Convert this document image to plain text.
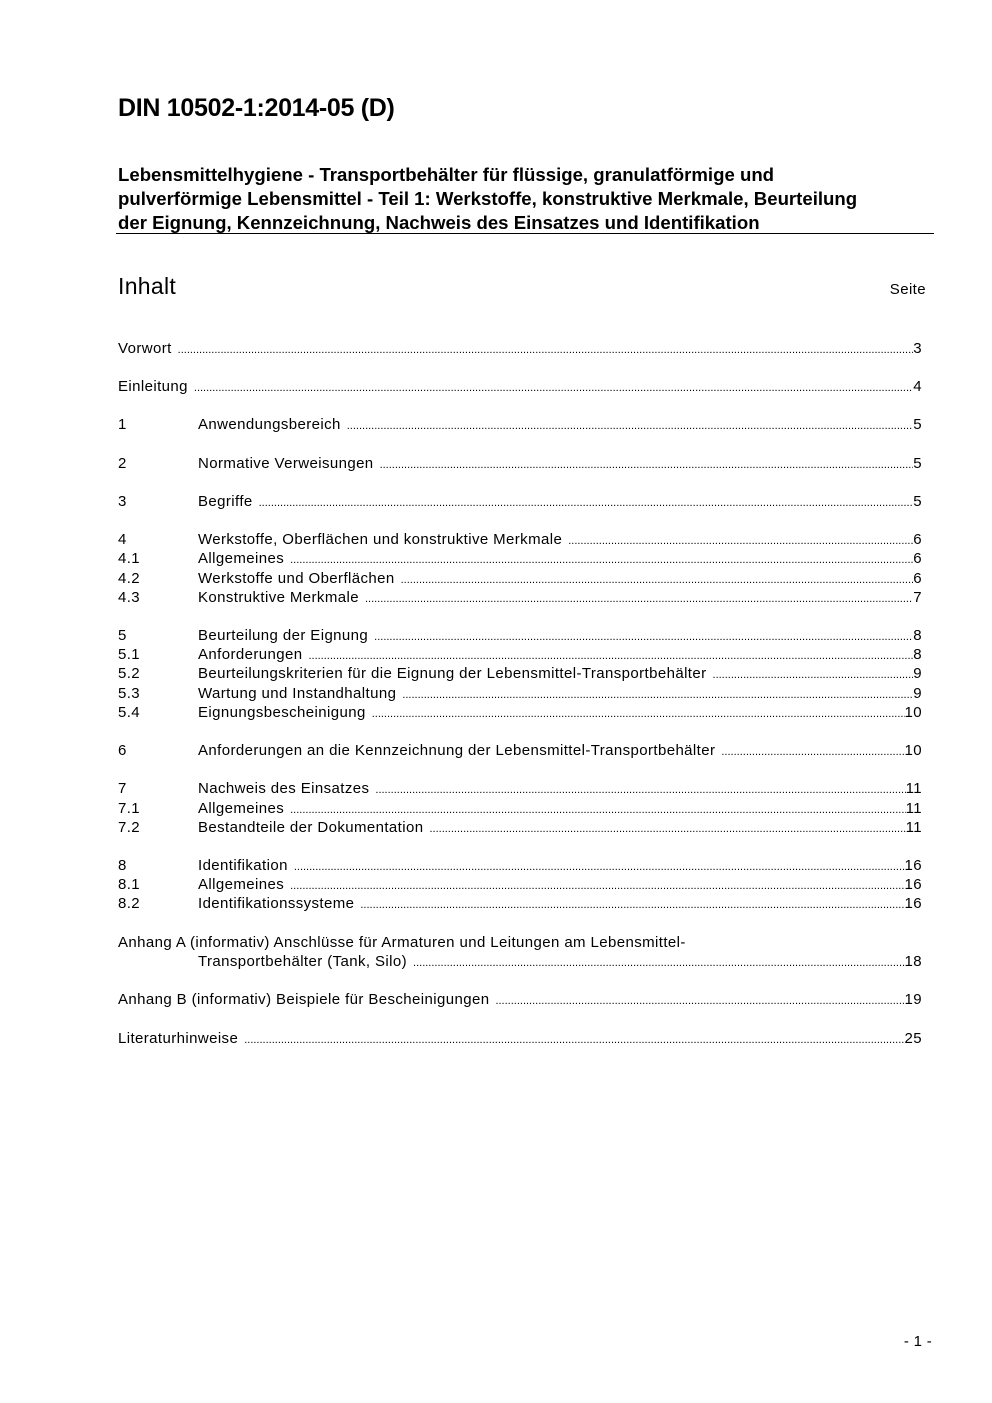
DIN 10502-1:2014-05 (D)
Lebensmittelhygiene - Transportbehälter für flüssige, granulatförmige und
pulverförmige Lebensmittel - Teil 1: Werkstoffe, konstruktive Merkmale, Beurteilung
der Eignung, Kennzeichnung, Nachweis des Einsatzes und Identifikation
Inhalt	Seite
Vorwort .....	3
Einleitung .....	4
1	Anwendungsbereich .....	5
2	Normative Verweisungen .....	5
3	Begriffe .....	5
4	Werkstoffe, Oberflächen und konstruktive Merkmale .....	6
4.1	Allgemeines .....	6
4.2	Werkstoffe und Oberflächen .....	6
4.3	Konstruktive Merkmale .....	7
5	Beurteilung der Eignung .....	8
5.1	Anforderungen .....	8
5.2	Beurteilungskriterien für die Eignung der Lebensmittel-Transportbehälter .....	9
5.3	Wartung und Instandhaltung .....	9
5.4	Eignungsbescheinigung .....	10
6	Anforderungen an die Kennzeichnung der Lebensmittel-Transportbehälter .....	10
7	Nachweis des Einsatzes .....	11
7.1	Allgemeines .....	11
7.2	Bestandteile der Dokumentation .....	11
8	Identifikation .....	16
8.1	Allgemeines .....	16
8.2	Identifikationssysteme .....	16
Anhang A (informativ) Anschlüsse für Armaturen und Leitungen am Lebensmittel-
Transportbehälter (Tank, Silo) .....	18
Anhang B (informativ) Beispiele für Bescheinigungen .....	19
Literaturhinweise .....	25
- 1 -
